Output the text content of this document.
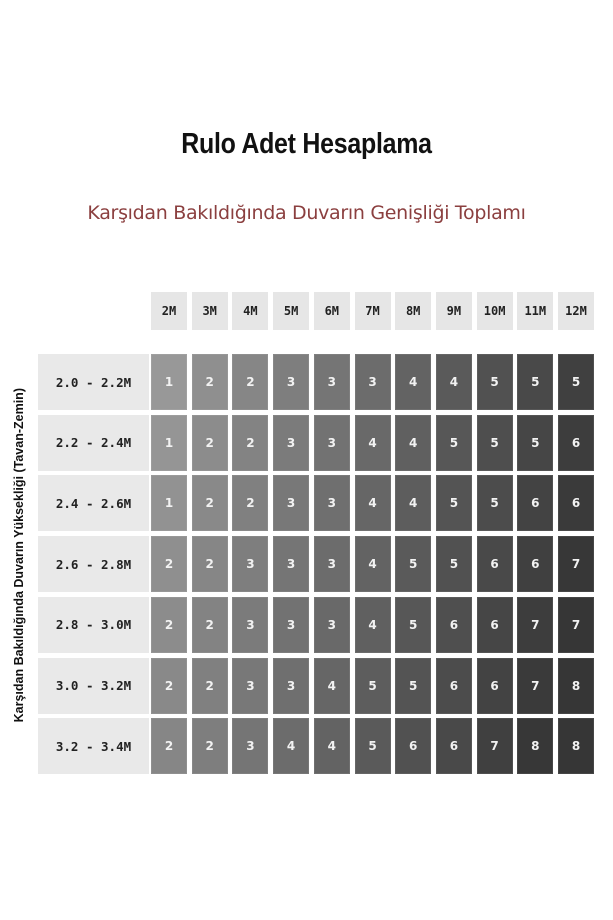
Rulo Adet Hesaplama
Karşıdan Bakıldığında Duvarın Genişliği Toplamı
Karşıdan Bakıldığında Duvarın Yüksekliği (Tavan-Zemin)
2M	3M	4M	5M	6M	7M	8M	9M	10M	11M	12M
2.0 - 2.2M	1	2	2	3	3	3	4	4	5	5	5
2.2 - 2.4M	1	2	2	3	3	4	4	5	5	5	6
2.4 - 2.6M	1	2	2	3	3	4	4	5	5	6	6
2.6 - 2.8M	2	2	3	3	3	4	5	5	6	6	7
2.8 - 3.0M	2	2	3	3	3	4	5	6	6	7	7
3.0 - 3.2M	2	2	3	3	4	5	5	6	6	7	8
3.2 - 3.4M	2	2	3	4	4	5	6	6	7	8	8
